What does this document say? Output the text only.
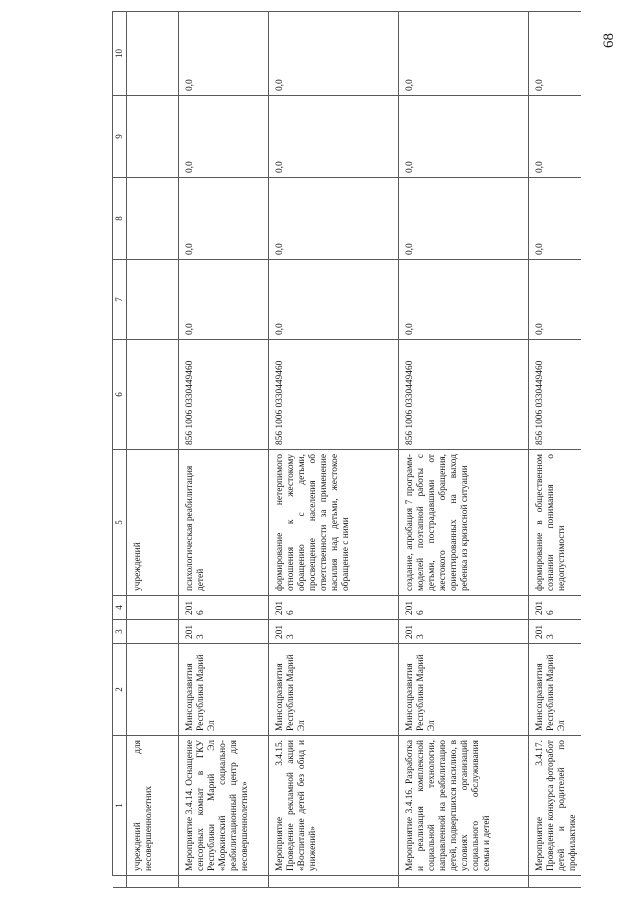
68
	1	2	3	4	5	6	7	8	9	10
	учреждений для несовершеннолетних				учреждений					
	Мероприятие 3.4.14. Оснащение сенсорных комнат в ГКУ Республики Марий Эл «Моркинский социально-реабилитационный центр для несовершеннолетних»	Минсоцразвития Республики Марий Эл	2013	2016	психологическая реабилитация детей	856 1006 0330449460	0,0	0,0	0,0	0,0
	Мероприятие 3.4.15. Проведение рекламной акции «Воспитание детей без обид и унижений»	Минсоцразвития Республики Марий Эл	2013	2016	формирование нетерпимого отношения к жестокому обращению с детьми, просвещение населения об ответственности за применение насилия над детьми, жестокое обращение с ними	856 1006 0330449460	0,0	0,0	0,0	0,0
	Мероприятие 3.4.16. Разработка и реализация комплексной социальной технологии, направленной на реабилитацию детей, подвергшихся насилию, в условиях организаций социального обслуживания семьи и детей	Минсоцразвития Республики Марий Эл	2013	2016	создание, апробация 7 программ-моделей поэтапной работы с детьми, пострадавшими от жестокого обращения, ориентированных на выход ребенка из кризисной ситуации	856 1006 0330449460	0,0	0,0	0,0	0,0
	Мероприятие 3.4.17. Проведение конкурса фоторабот детей и родителей по профилактике	Минсоцразвития Республики Марий Эл	2013	2016	формирование в общественном сознании понимания о недопустимости	856 1006 0330449460	0,0	0,0	0,0	0,0
